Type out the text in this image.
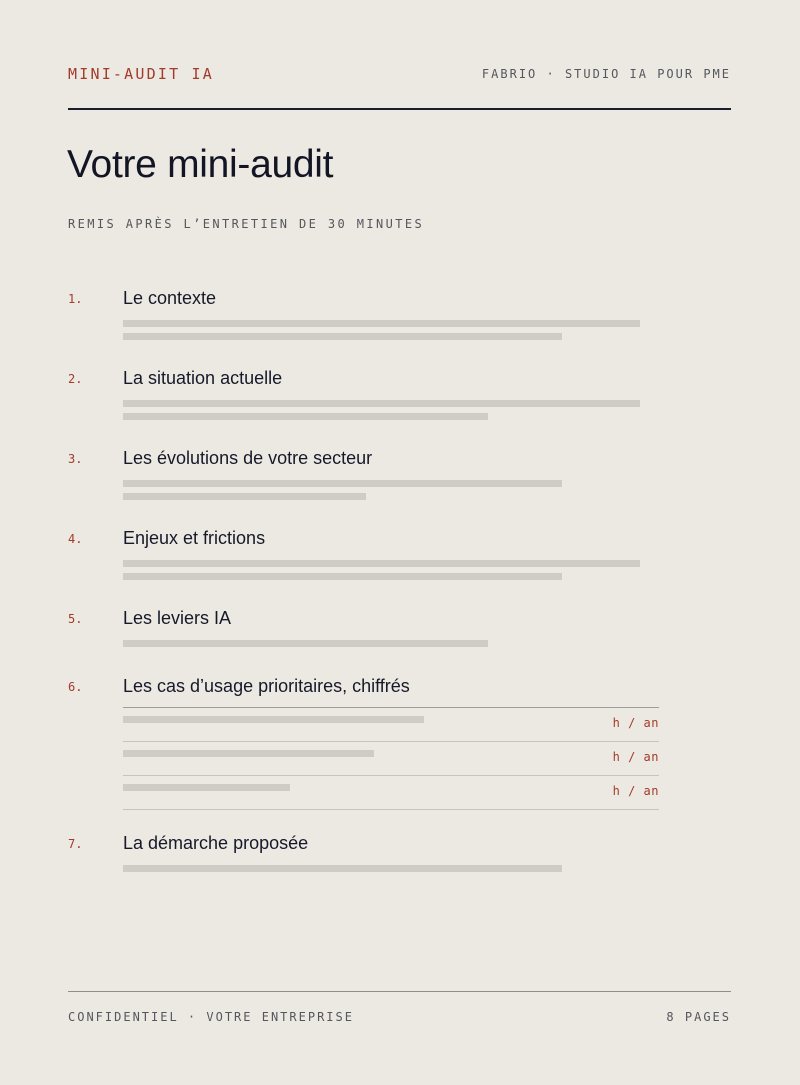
MINI-AUDIT IA	FABRIO · STUDIO IA POUR PME
Votre mini-audit
REMIS APRÈS L’ENTRETIEN DE 30 MINUTES
1. Le contexte
2. La situation actuelle
3. Les évolutions de votre secteur
4. Enjeux et frictions
5. Les leviers IA
6. Les cas d’usage prioritaires, chiffrés
h / an
h / an
h / an
7. La démarche proposée
CONFIDENTIEL · VOTRE ENTREPRISE	8 PAGES
